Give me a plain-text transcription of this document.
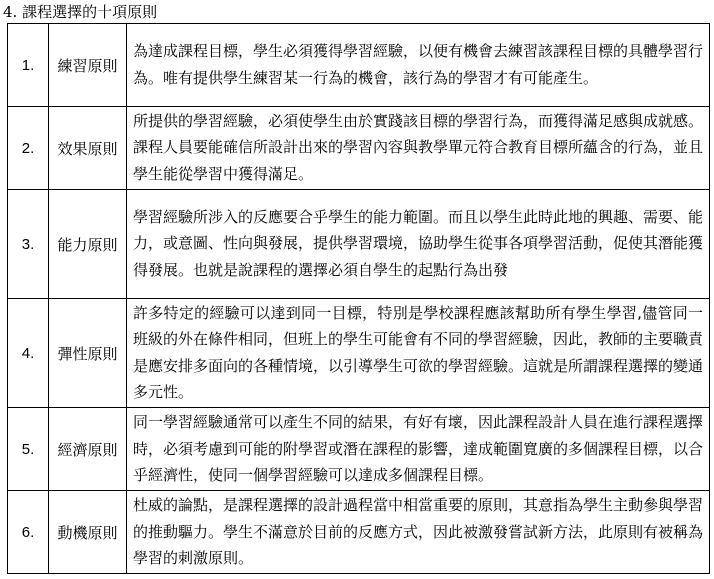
4. 課程選擇的十項原則
1.	練習原則	為達成課程目標，學生必須獲得學習經驗，以便有機會去練習該課程目標的具體學習行為。唯有提供學生練習某一行為的機會，該行為的學習才有可能產生。
2.	效果原則	所提供的學習經驗，必須使學生由於實踐該目標的學習行為，而獲得滿足感與成就感。課程人員要能確信所設計出來的學習內容與教學單元符合教育目標所蘊含的行為，並且學生能從學習中獲得滿足。
3.	能力原則	學習經驗所涉入的反應要合乎學生的能力範圍。而且以學生此時此地的興趣、需要、能力，或意圖、性向與發展，提供學習環境，協助學生從事各項學習活動，促使其潛能獲得發展。也就是說課程的選擇必須自學生的起點行為出發
4.	彈性原則	許多特定的經驗可以達到同一目標，特別是學校課程應該幫助所有學生學習,儘管同一班級的外在條件相同，但班上的學生可能會有不同的學習經驗，因此，教師的主要職責是應安排多面向的各種情境，以引導學生可欲的學習經驗。這就是所謂課程選擇的變通多元性。
5.	經濟原則	同一學習經驗通常可以產生不同的結果，有好有壞，因此課程設計人員在進行課程選擇時，必須考慮到可能的附學習或潛在課程的影響，達成範圍寬廣的多個課程目標，以合乎經濟性，使同一個學習經驗可以達成多個課程目標。
6.	動機原則	杜威的論點，是課程選擇的設計過程當中相當重要的原則，其意指為學生主動參與學習的推動驅力。學生不滿意於目前的反應方式，因此被激發嘗試新方法，此原則有被稱為學習的刺激原則。
